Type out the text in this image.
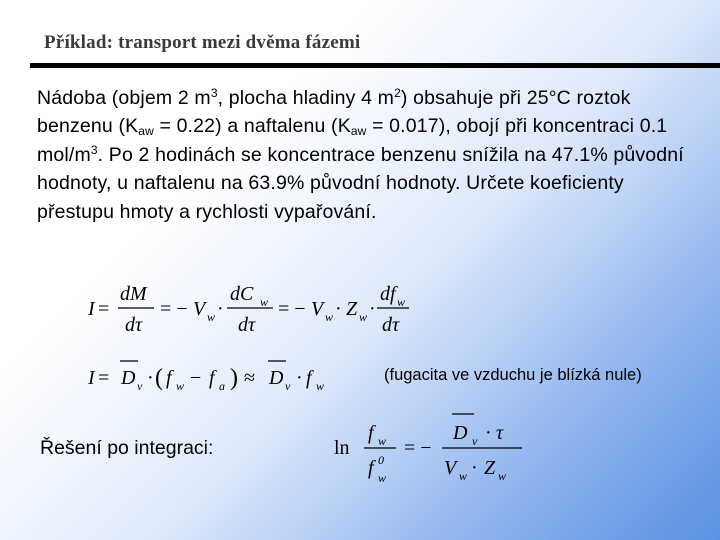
Příklad: transport mezi dvěma fázemi
Nádoba (objem 2 $m^3$, plocha hladiny 4 $m^2$) obsahuje při 25°C roztok benzenu $(K_{aw} = 0.22)$ a naftalenu $(K_{aw} = 0.017)$, obojí při koncentraci 0.1 mol/$m^3$. Po 2 hodinách se koncentrace benzenu snížila na 47.1% původní hodnoty, u naftalenu na 63.9% původní hodnoty. Určete koeficienty přestupu hmoty a rychlosti vypařování.
I =
dM
dτ
= − V w ·
dC w
dτ
= − V w · Z w ·
df w
dτ
I = D v · ( f w − f a ) ≈ D v · f w
(fugacita ve vzduchu je blízká nule)
Řešení po integraci:	ln
f w
f 0
w
= −
D v · τ
V w · Z w
